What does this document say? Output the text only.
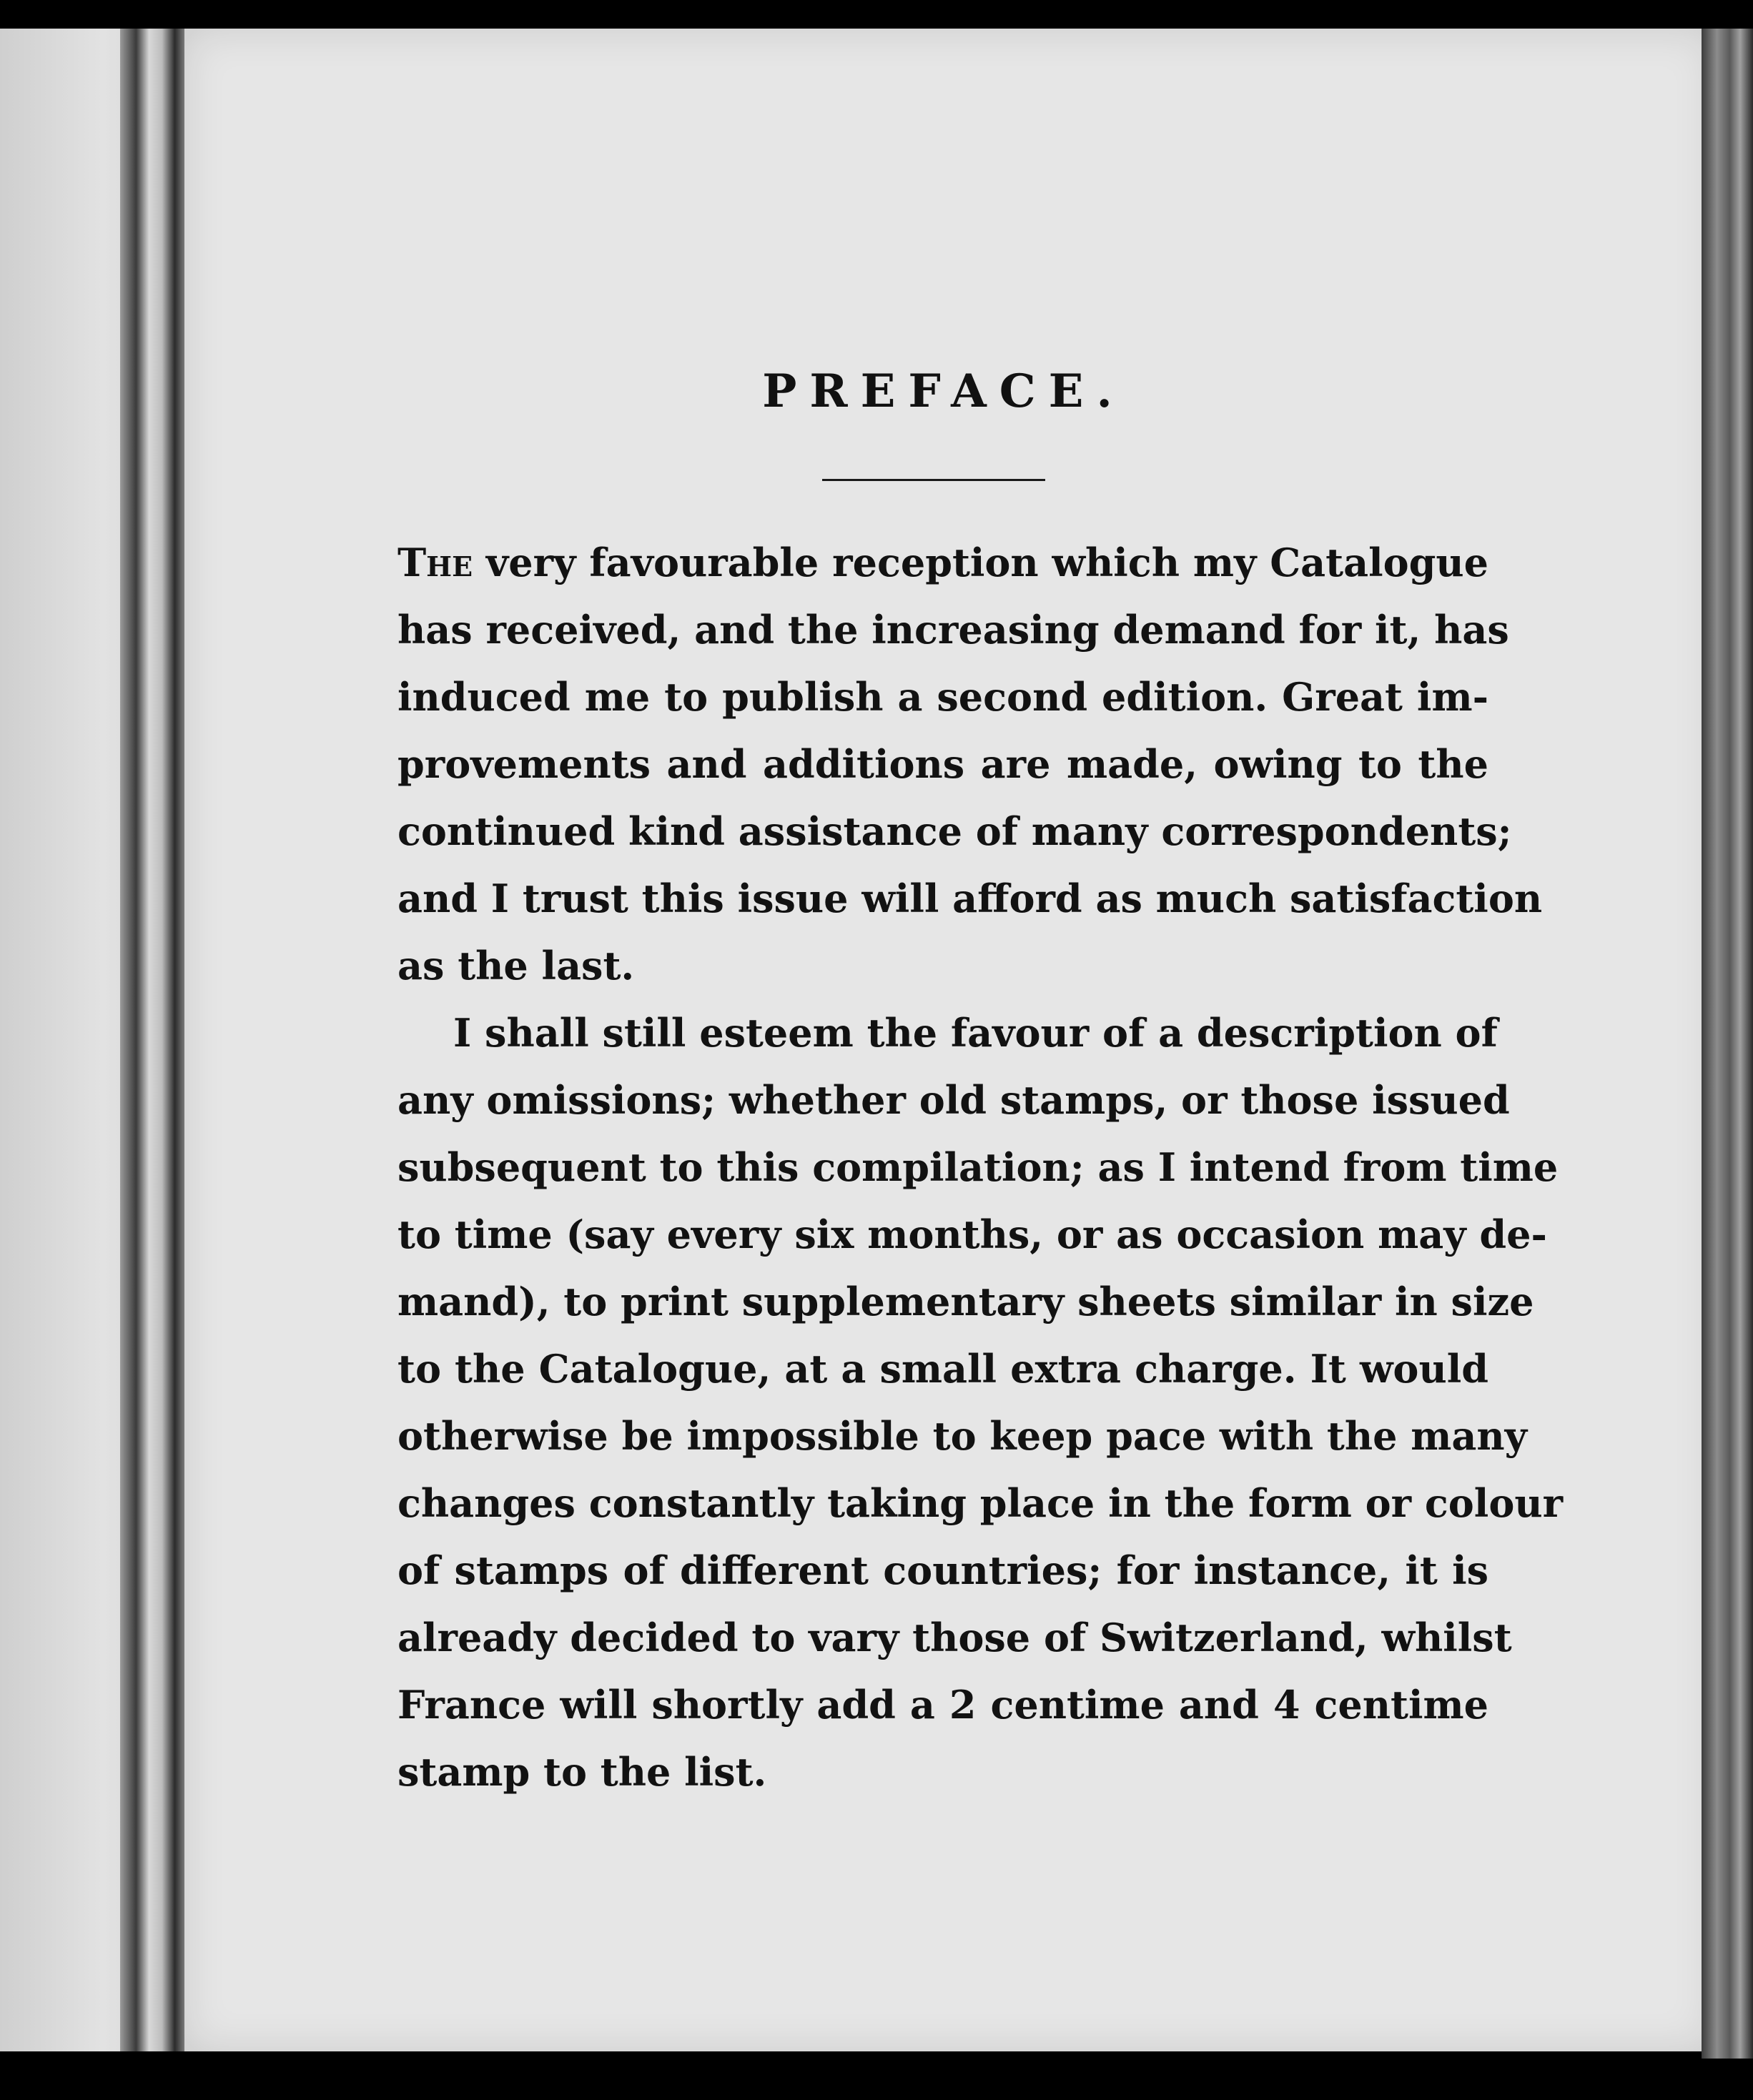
PREFACE.
The very favourable reception which my Catalogue
has received, and the increasing demand for it, has
induced me to publish a second edition. Great im-
provements and additions are made, owing to the
continued kind assistance of many correspondents;
and I trust this issue will afford as much satisfaction
as the last.
I shall still esteem the favour of a description of
any omissions; whether old stamps, or those issued
subsequent to this compilation; as I intend from time
to time (say every six months, or as occasion may de-
mand), to print supplementary sheets similar in size
to the Catalogue, at a small extra charge. It would
otherwise be impossible to keep pace with the many
changes constantly taking place in the form or colour
of stamps of different countries; for instance, it is
already decided to vary those of Switzerland, whilst
France will shortly add a 2 centime and 4 centime
stamp to the list.
